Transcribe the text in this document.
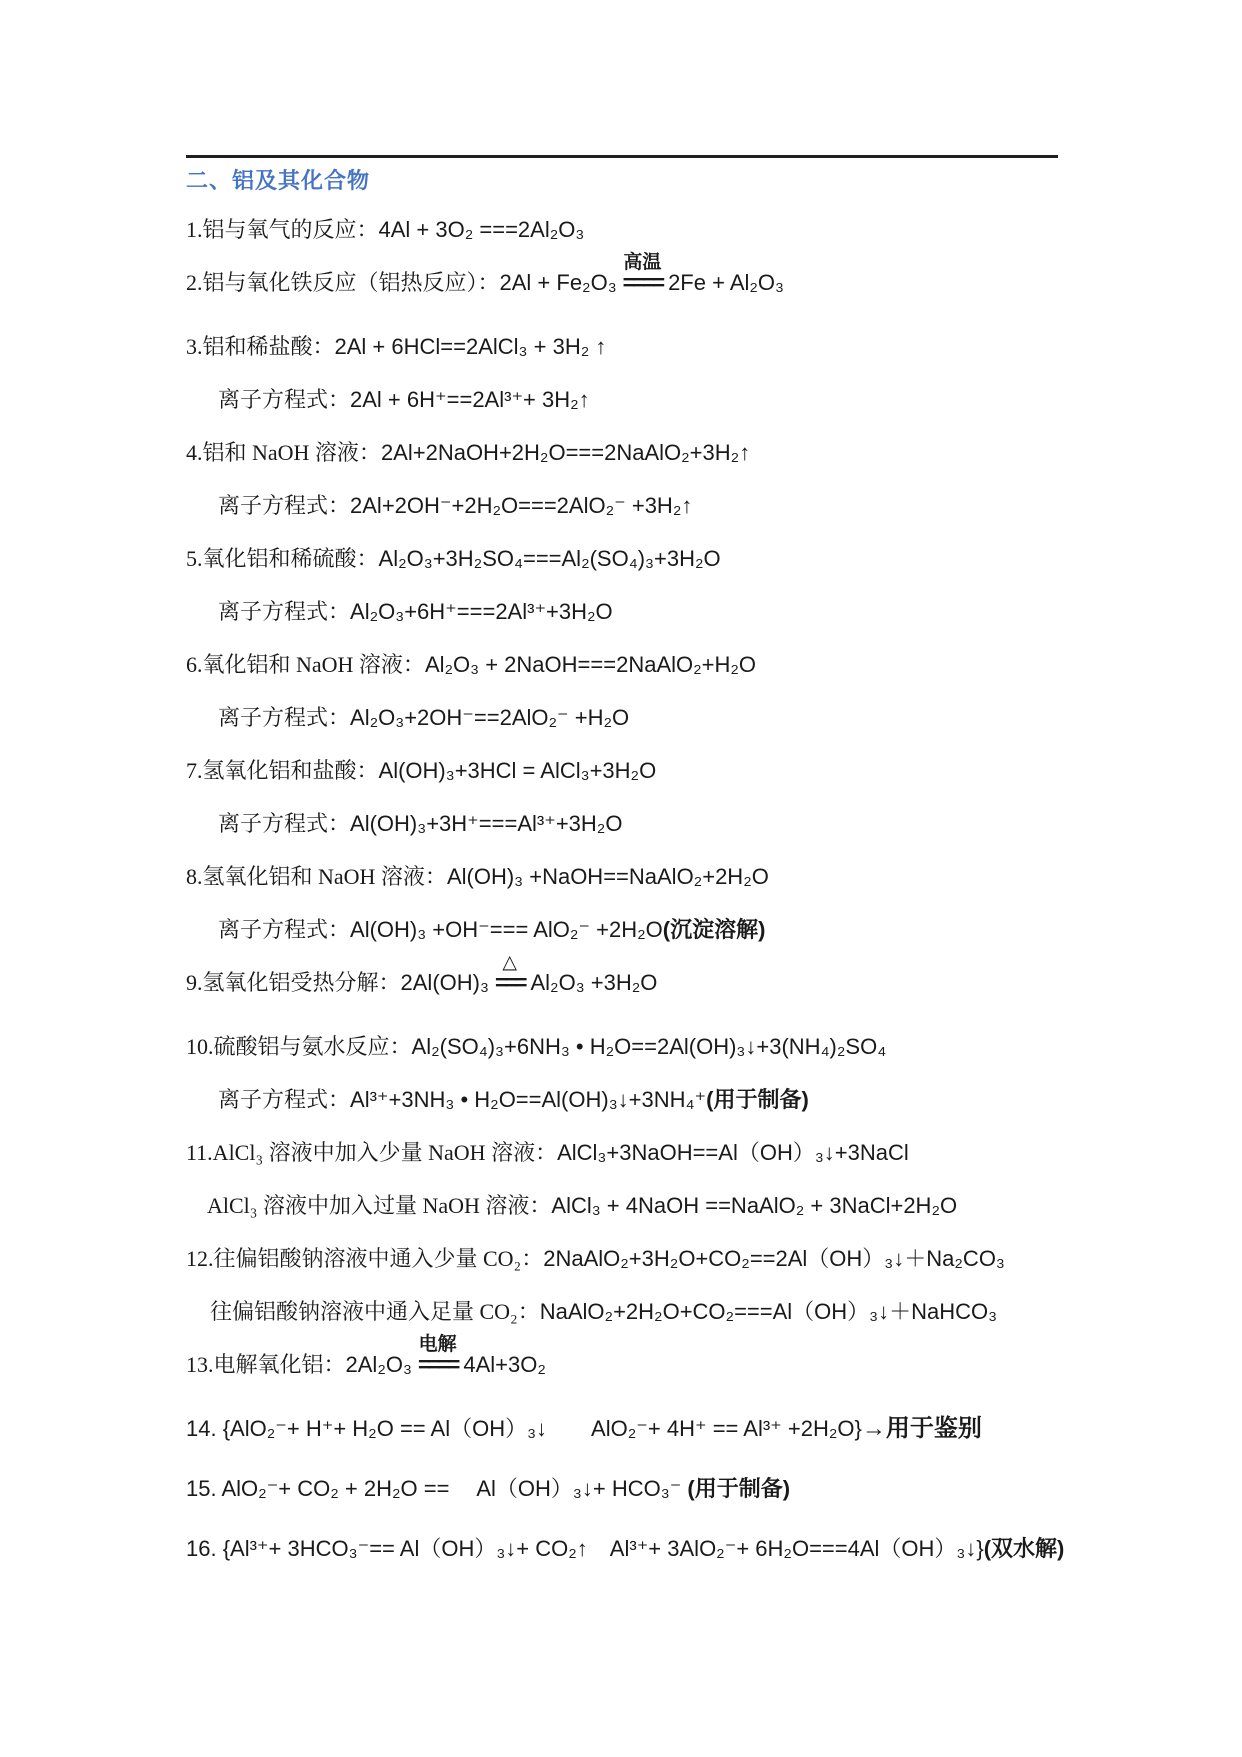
二、铝及其化合物
1.铝与氧气的反应：4Al + 3O₂ ===2Al₂O₃
2.铝与氧化铁反应（铝热反应）：2Al + Fe₂O₃
高温
==== 2Fe + Al₂O₃
3.铝和稀盐酸：2Al + 6HCl==2AlCl₃ + 3H₂ ↑
离子方程式：2Al + 6H⁺==2Al³⁺+ 3H₂↑
4.铝和 NaOH 溶液：2Al+2NaOH+2H₂O===2NaAlO₂+3H₂↑
离子方程式：2Al+2OH⁻+2H₂O===2AlO₂⁻ +3H₂↑
5.氧化铝和稀硫酸：Al₂O₃+3H₂SO₄===Al₂(SO₄)₃+3H₂O
离子方程式：Al₂O₃+6H⁺===2Al³⁺+3H₂O
6.氧化铝和 NaOH 溶液：Al₂O₃ + 2NaOH===2NaAlO₂+H₂O
离子方程式：Al₂O₃+2OH⁻==2AlO₂⁻ +H₂O
7.氢氧化铝和盐酸：Al(OH)₃+3HCl = AlCl₃+3H₂O
离子方程式：Al(OH)₃+3H⁺===Al³⁺+3H₂O
8.氢氧化铝和 NaOH 溶液：Al(OH)₃ +NaOH==NaAlO₂+2H₂O
离子方程式：Al(OH)₃ +OH⁻=== AlO₂⁻ +2H₂O(沉淀溶解)
9.氢氧化铝受热分解：2Al(OH)₃
△
=== Al₂O₃ +3H₂O
10.硫酸铝与氨水反应：Al₂(SO₄)₃+6NH₃ • H₂O==2Al(OH)₃↓+3(NH₄)₂SO₄
离子方程式：Al³⁺+3NH₃ • H₂O==Al(OH)₃↓+3NH₄⁺(用于制备)
11.AlCl₃ 溶液中加入少量 NaOH 溶液：AlCl₃+3NaOH==Al（OH）₃↓+3NaCl
AlCl₃ 溶液中加入过量 NaOH 溶液：AlCl₃ + 4NaOH ==NaAlO₂ + 3NaCl+2H₂O
12.往偏铝酸钠溶液中通入少量 CO₂：2NaAlO₂+3H₂O+CO₂==2Al（OH）₃↓＋Na₂CO₃
往偏铝酸钠溶液中通入足量 CO₂：NaAlO₂+2H₂O+CO₂===Al（OH）₃↓＋NaHCO₃
13.电解氧化铝：2Al₂O₃
电解
==== 4Al+3O₂
14. {AlO₂⁻+ H⁺+ H₂O == Al（OH）₃↓　　AlO₂⁻+ 4H⁺ == Al³⁺ +2H₂O}→用于鉴别
15. AlO₂⁻+ CO₂ + 2H₂O ==　 Al（OH）₃↓+ HCO₃⁻ (用于制备)
16. {Al³⁺+ 3HCO₃⁻== Al（OH）₃↓+ CO₂↑　Al³⁺+ 3AlO₂⁻+ 6H₂O===4Al（OH）₃↓}(双水解)
